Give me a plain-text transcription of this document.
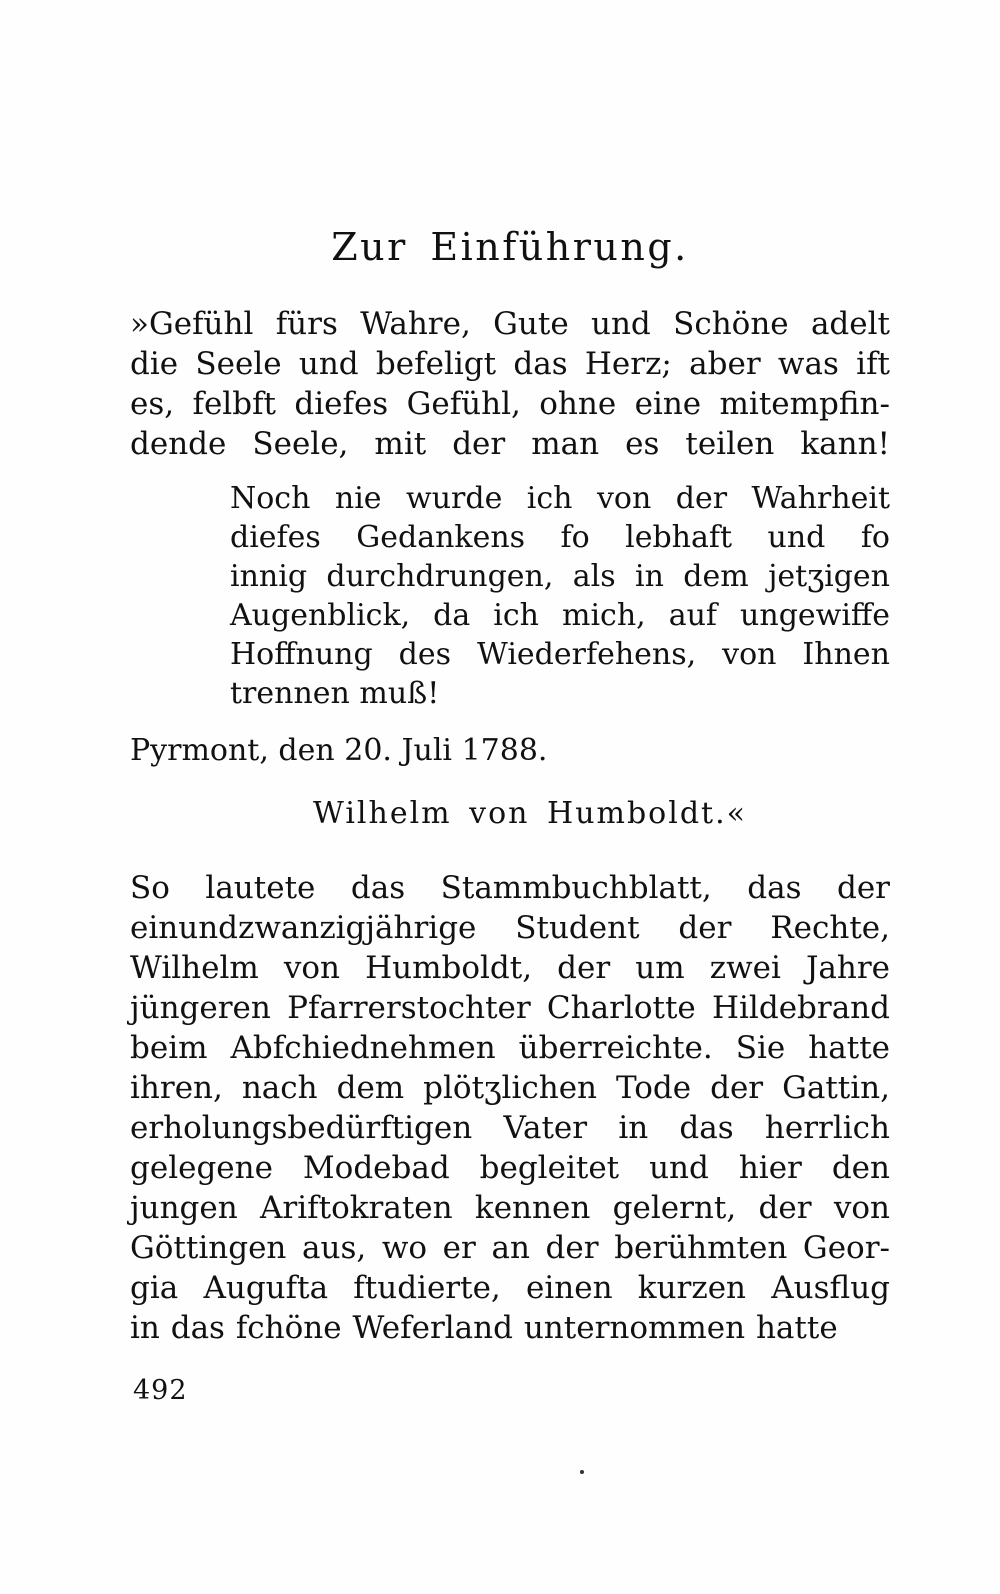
Zur Einführung.
»Gefühl fürs Wahre, Gute und Schöne adelt
die Seele und befeligt das Herz; aber was ift
es, felbft diefes Gefühl, ohne eine mitempfin-
dende Seele, mit der man es teilen kann!
Noch nie wurde ich von der Wahrheit
diefes Gedankens fo lebhaft und fo
innig durchdrungen, als in dem jetʒigen
Augenblick, da ich mich, auf ungewiffe
Hoffnung des Wiederfehens, von Ihnen
trennen muß!

Pyrmont, den 20. Juli 1788.

Wilhelm von Humboldt.«

So lautete das Stammbuchblatt, das der
einundzwanzigjährige Student der Rechte,
Wilhelm von Humboldt, der um zwei Jahre
jüngeren Pfarrerstochter Charlotte Hildebrand
beim Abfchiednehmen überreichte. Sie hatte
ihren, nach dem plötʒlichen Tode der Gattin,
erholungsbedürftigen Vater in das herrlich
gelegene Modebad begleitet und hier den
jungen Ariftokraten kennen gelernt, der von
Göttingen aus, wo er an der berühmten Geor-
gia Augufta ftudierte, einen kurzen Ausflug
in das fchöne Weferland unternommen hatte
492
